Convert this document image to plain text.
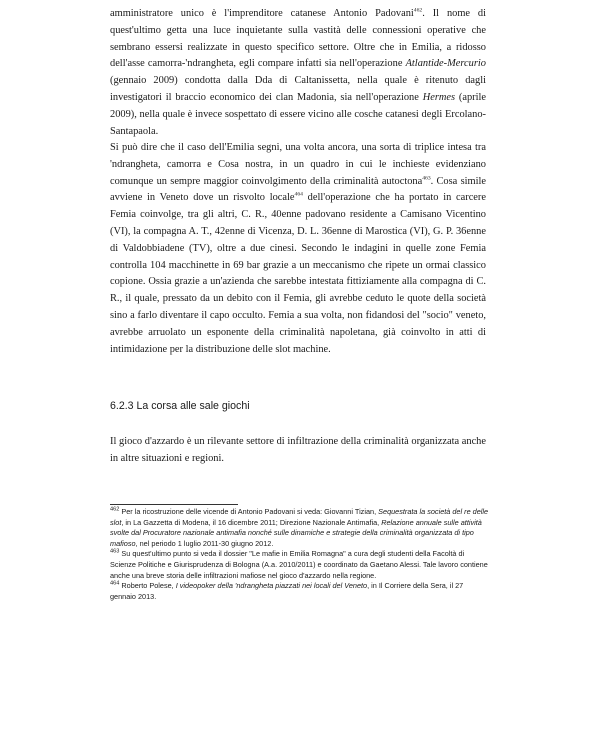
amministratore unico è l'imprenditore catanese Antonio Padovani$^{462}$. Il nome di quest'ultimo getta una luce inquietante sulla vastità delle connessioni operative che sembrano essersi realizzate in questo specifico settore. Oltre che in Emilia, a ridosso dell'asse camorra-'ndrangheta, egli compare infatti sia nell'operazione Atlantide-Mercurio (gennaio 2009) condotta dalla Dda di Caltanissetta, nella quale è ritenuto dagli investigatori il braccio economico dei clan Madonia, sia nell'operazione Hermes (aprile 2009), nella quale è invece sospettato di essere vicino alle cosche catanesi degli Ercolano-Santapaola.

Si può dire che il caso dell'Emilia segni, una volta ancora, una sorta di triplice intesa tra 'ndrangheta, camorra e Cosa nostra, in un quadro in cui le inchieste evidenziano comunque un sempre maggior coinvolgimento della criminalità autoctona$^{463}$. Cosa simile avviene in Veneto dove un risvolto locale$^{464}$ dell'operazione che ha portato in carcere Femia coinvolge, tra gli altri, C. R., 40enne padovano residente a Camisano Vicentino (VI), la compagna A. T., 42enne di Vicenza, D. L. 36enne di Marostica (VI), G. P. 36enne di Valdobbiadene (TV), oltre a due cinesi. Secondo le indagini in quelle zone Femia controlla 104 macchinette in 69 bar grazie a un meccanismo che ripete un ormai classico copione. Ossia grazie a un'azienda che sarebbe intestata fittiziamente alla compagna di C. R., il quale, pressato da un debito con il Femia, gli avrebbe ceduto le quote della società sino a farlo diventare il capo occulto. Femia a sua volta, non fidandosi del "socio" veneto, avrebbe arruolato un esponente della criminalità napoletana, già coinvolto in atti di intimidazione per la distribuzione delle slot machine.

6.2.3 La corsa alle sale giochi

Il gioco d'azzardo è un rilevante settore di infiltrazione della criminalità organizzata anche in altre situazioni e regioni.

$^{462}$ Per la ricostruzione delle vicende di Antonio Padovani si veda: Giovanni Tizian, Sequestrata la società del re delle slot, in La Gazzetta di Modena, il 16 dicembre 2011; Direzione Nazionale Antimafia, Relazione annuale sulle attività svolte dal Procuratore nazionale antimafia nonché sulle dinamiche e strategie della criminalità organizzata di tipo mafioso, nel periodo 1 luglio 2011-30 giugno 2012.

$^{463}$ Su quest'ultimo punto si veda il dossier "Le mafie in Emilia Romagna" a cura degli studenti della Facoltà di Scienze Politiche e Giurisprudenza di Bologna (A.a. 2010/2011) e coordinato da Gaetano Alessi. Tale lavoro contiene anche una breve storia delle infiltrazioni mafiose nel gioco d'azzardo nella regione.

$^{464}$ Roberto Polese, I videopoker della 'ndrangheta piazzati nei locali del Veneto, in Il Corriere della Sera, il 27 gennaio 2013.
